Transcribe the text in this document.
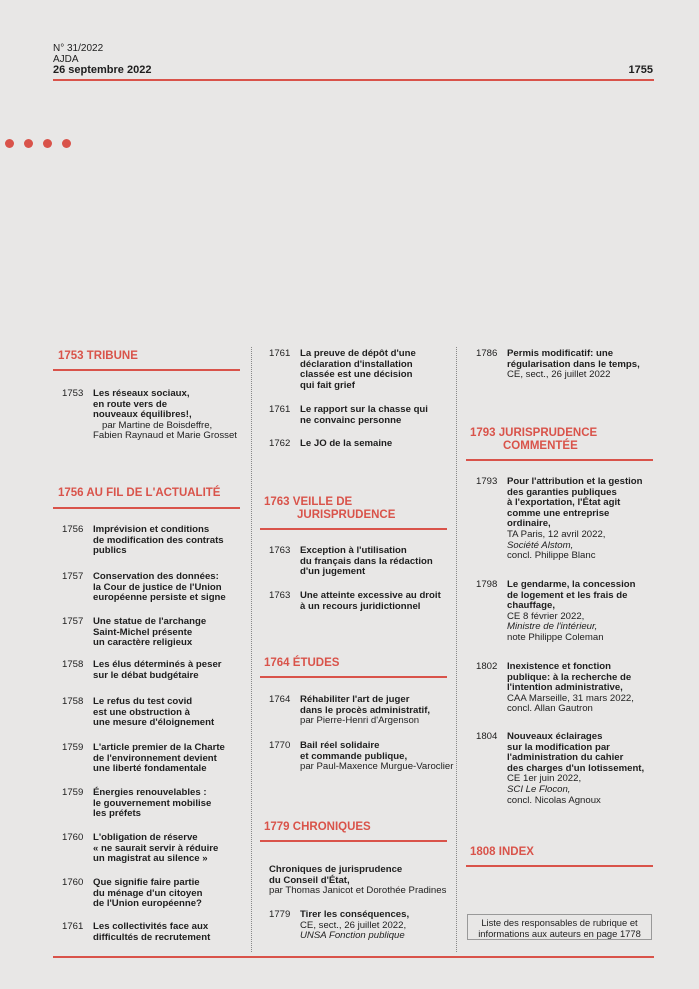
N° 31/2022
AJDA
26 septembre 2022	1755
1753 TRIBUNE
1753 Les réseaux sociaux,
en route vers de
nouveaux équilibres!,
par Martine de Boisdeffre,
Fabien Raynaud et Marie Grosset
1756 AU FIL DE L'ACTUALITÉ
1763 VEILLE DE
JURISPRUDENCE
1764 ÉTUDES
1779 CHRONIQUES
Chroniques de jurisprudence
du Conseil d'État,
par Thomas Janicot et Dorothée Pradines
1779 Tirer les conséquences,
CE, sect., 26 juillet 2022,
UNSA Fonction publique
1786 Permis modificatif: une
régularisation dans le temps,
CE, sect., 26 juillet 2022
1793 JURISPRUDENCE
COMMENTÉE
1808 INDEX
Liste des responsables de rubrique et
informations aux auteurs en page 1778
1756 Imprévision et conditions
de modification des contrats
publics
1757 Conservation des données:
la Cour de justice de l'Union
européenne persiste et signe
1757 Une statue de l'archange
Saint-Michel présente
un caractère religieux
1758 Les élus déterminés à peser
sur le débat budgétaire
1758 Le refus du test covid
est une obstruction à
une mesure d'éloignement
1759 L'article premier de la Charte
de l'environnement devient
une liberté fondamentale
1759 Énergies renouvelables :
le gouvernement mobilise
les préfets
1760 L'obligation de réserve
« ne saurait servir à réduire
un magistrat au silence »
1760 Que signifie faire partie
du ménage d'un citoyen
de l'Union européenne?
1761 Les collectivités face aux
difficultés de recrutement
1761 La preuve de dépôt d'une
déclaration d'installation
classée est une décision
qui fait grief
1761 Le rapport sur la chasse qui
ne convainc personne
1762 Le JO de la semaine
1763 Exception à l'utilisation
du français dans la rédaction
d'un jugement
1763 Une atteinte excessive au droit
à un recours juridictionnel
1764 Réhabiliter l'art de juger
dans le procès administratif,
par Pierre-Henri d'Argenson
1770 Bail réel solidaire
et commande publique,
par Paul-Maxence Murgue-Varoclier
1793 Pour l'attribution et la gestion
des garanties publiques
à l'exportation, l'État agit
comme une entreprise
ordinaire,
TA Paris, 12 avril 2022,
Société Alstom,
concl. Philippe Blanc
1798 Le gendarme, la concession
de logement et les frais de
chauffage,
CE 8 février 2022,
Ministre de l'intérieur,
note Philippe Coleman
1802 Inexistence et fonction
publique: à la recherche de
l'intention administrative,
CAA Marseille, 31 mars 2022,
concl. Allan Gautron
1804 Nouveaux éclairages
sur la modification par
l'administration du cahier
des charges d'un lotissement,
CE 1er juin 2022,
SCI Le Flocon,
concl. Nicolas Agnoux
